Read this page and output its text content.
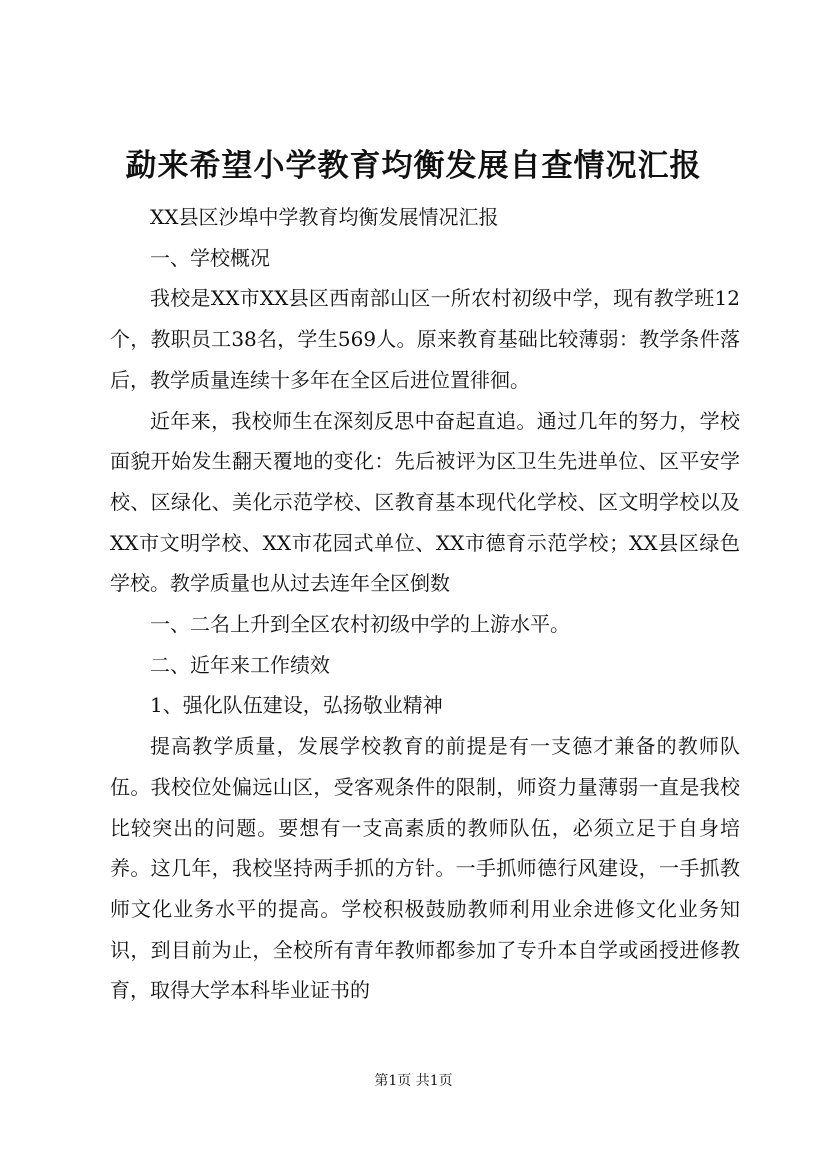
勐来希望小学教育均衡发展自查情况汇报

XX县区沙埠中学教育均衡发展情况汇报

一、学校概况

我校是XX市XX县区西南部山区一所农村初级中学，现有教学班12个，教职员工38名，学生569人。原来教育基础比较薄弱：教学条件落后，教学质量连续十多年在全区后进位置徘徊。

近年来，我校师生在深刻反思中奋起直追。通过几年的努力，学校面貌开始发生翻天覆地的变化：先后被评为区卫生先进单位、区平安学校、区绿化、美化示范学校、区教育基本现代化学校、区文明学校以及XX市文明学校、XX市花园式单位、XX市德育示范学校；XX县区绿色学校。教学质量也从过去连年全区倒数

一、二名上升到全区农村初级中学的上游水平。

二、近年来工作绩效

1、强化队伍建设，弘扬敬业精神

提高教学质量，发展学校教育的前提是有一支德才兼备的教师队伍。我校位处偏远山区，受客观条件的限制，师资力量薄弱一直是我校比较突出的问题。要想有一支高素质的教师队伍，必须立足于自身培养。这几年，我校坚持两手抓的方针。一手抓师德行风建设，一手抓教师文化业务水平的提高。学校积极鼓励教师利用业余进修文化业务知识，到目前为止，全校所有青年教师都参加了专升本自学或函授进修教育，取得大学本科毕业证书的

第1页 共1页
